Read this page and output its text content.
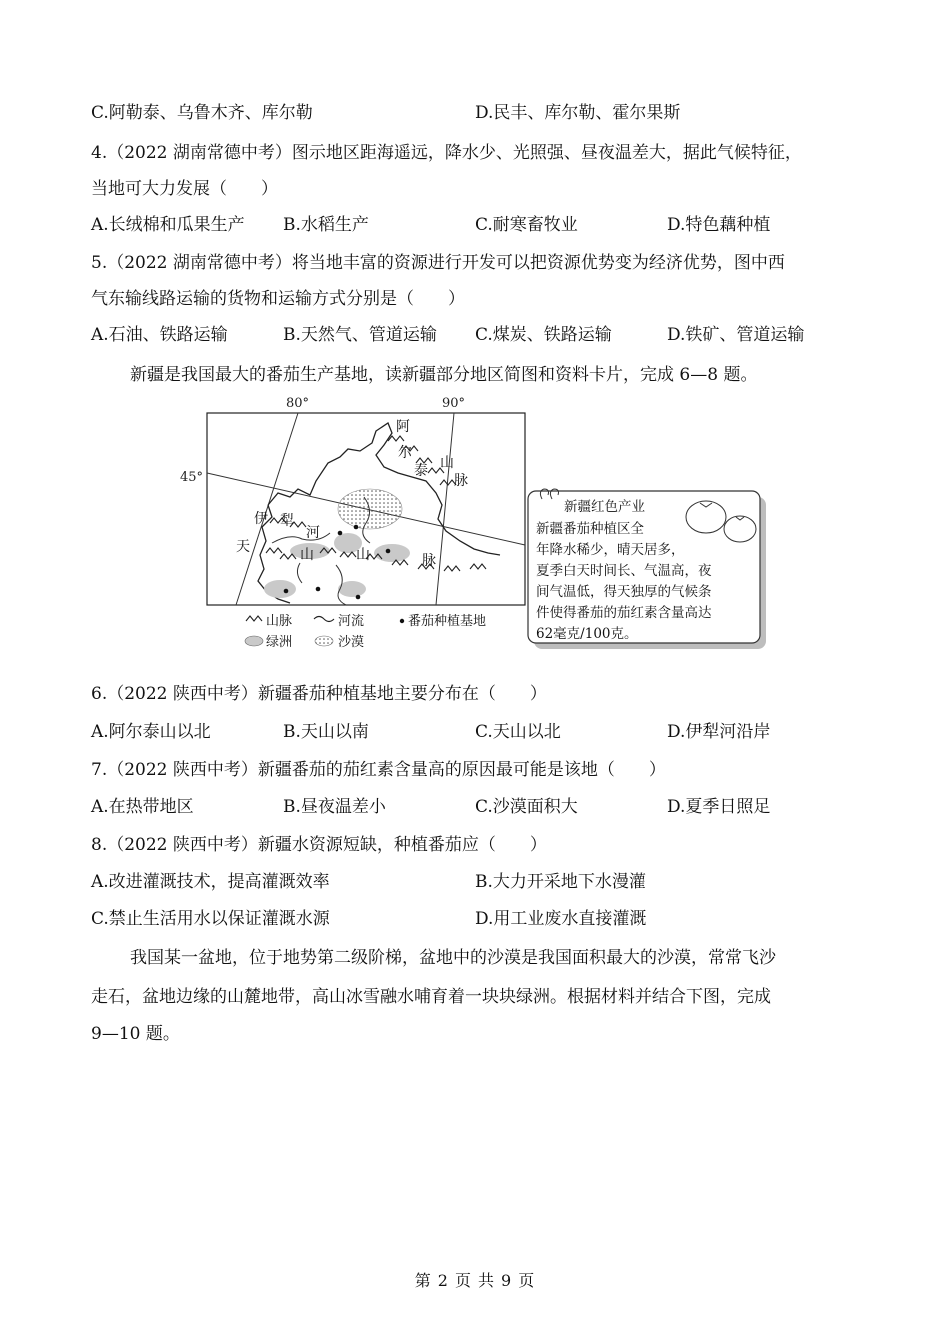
C.阿勒泰、乌鲁木齐、库尔勒	D.民丰、库尔勒、霍尔果斯
4.（2022 湖南常德中考）图示地区距海遥远，降水少、光照强、昼夜温差大，据此气候特征，
当地可大力发展（　　）
A.长绒棉和瓜果生产 B.水稻生产	C.耐寒畜牧业	D.特色藕种植
5.（2022 湖南常德中考）将当地丰富的资源进行开发可以把资源优势变为经济优势，图中西
气东输线路运输的货物和运输方式分别是（　　）
A.石油、铁路运输	B.天然气、管道运输 C.煤炭、铁路运输	D.铁矿、管道运输
新疆是我国最大的番茄生产基地，读新疆部分地区简图和资料卡片，完成 6—8 题。
80°	90°
45°
阿
尔
泰 山
脉
伊 犁
河
天	山	山	脉
山脉	河流	番茄种植基地
绿洲	沙漠
新疆红色产业
新疆番茄种植区全
年降水稀少，晴天居多，
夏季白天时间长、气温高，夜
间气温低，得天独厚的气候条
件使得番茄的茄红素含量高达
62毫克/100克。
6.（2022 陕西中考）新疆番茄种植基地主要分布在（　　）
A.阿尔泰山以北	B.天山以南	C.天山以北	D.伊犁河沿岸
7.（2022 陕西中考）新疆番茄的茄红素含量高的原因最可能是该地（　　）
A.在热带地区	B.昼夜温差小	C.沙漠面积大	D.夏季日照足
8.（2022 陕西中考）新疆水资源短缺，种植番茄应（　　）
A.改进灌溉技术，提高灌溉效率	B.大力开采地下水漫灌
C.禁止生活用水以保证灌溉水源	D.用工业废水直接灌溉
我国某一盆地，位于地势第二级阶梯，盆地中的沙漠是我国面积最大的沙漠，常常飞沙
走石，盆地边缘的山麓地带，高山冰雪融水哺育着一块块绿洲。根据材料并结合下图，完成
9—10 题。
第 2 页 共 9 页
